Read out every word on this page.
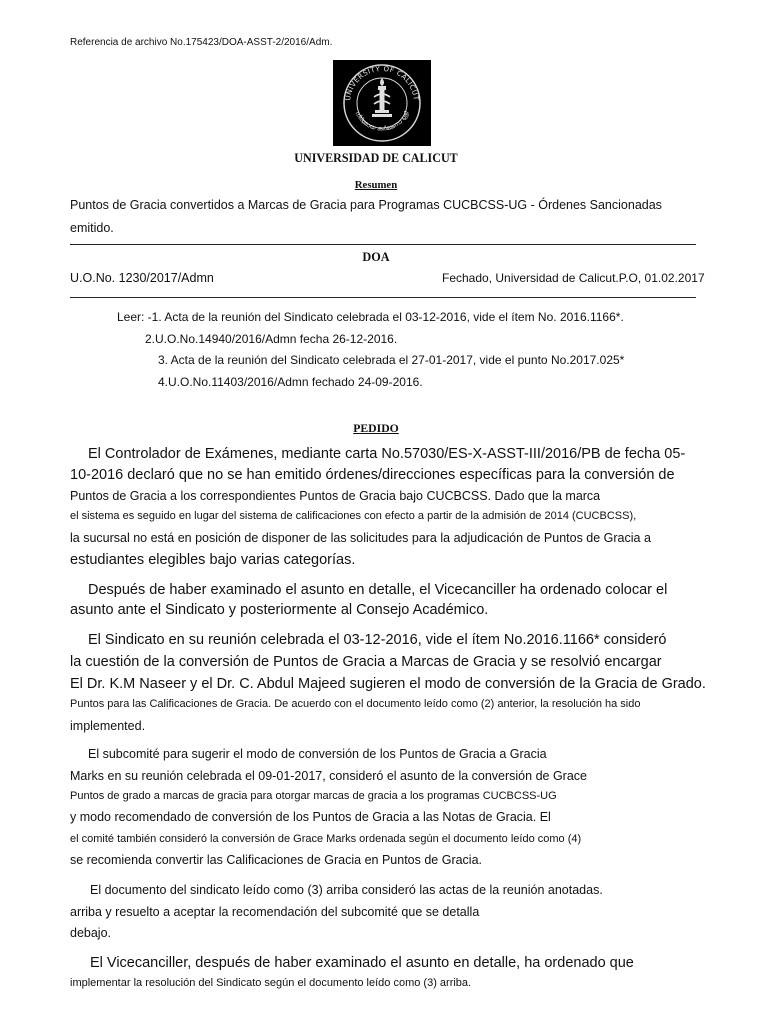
Referencia de archivo No.175423/DOA-ASST-2/2016/Adm.
UNIVERSITY OF CALICUT
നിർമ്മായ കർമ്മണാ ശ്രീ
UNIVERSIDAD DE CALICUT
Resumen
Puntos de Gracia convertidos a Marcas de Gracia para Programas CUCBCSS-UG - Órdenes Sancionadas
emitido.
DOA
U.O.No. 1230/2017/Admn	Fechado, Universidad de Calicut.P.O, 01.02.2017
Leer: -1. Acta de la reunión del Sindicato celebrada el 03-12-2016, vide el ítem No. 2016.1166*.
2.U.O.No.14940/2016/Admn fecha 26-12-2016.
3. Acta de la reunión del Sindicato celebrada el 27-01-2017, vide el punto No.2017.025*
4.U.O.No.11403/2016/Admn fechado 24-09-2016.
PEDIDO
El Controlador de Exámenes, mediante carta No.57030/ES-X-ASST-III/2016/PB de fecha 05-
10-2016 declaró que no se han emitido órdenes/direcciones específicas para la conversión de
Puntos de Gracia a los correspondientes Puntos de Gracia bajo CUCBCSS. Dado que la marca
el sistema es seguido en lugar del sistema de calificaciones con efecto a partir de la admisión de 2014 (CUCBCSS),
la sucursal no está en posición de disponer de las solicitudes para la adjudicación de Puntos de Gracia a
estudiantes elegibles bajo varias categorías.
Después de haber examinado el asunto en detalle, el Vicecanciller ha ordenado colocar el
asunto ante el Sindicato y posteriormente al Consejo Académico.
El Sindicato en su reunión celebrada el 03-12-2016, vide el ítem No.2016.1166* consideró
la cuestión de la conversión de Puntos de Gracia a Marcas de Gracia y se resolvió encargar
El Dr. K.M Naseer y el Dr. C. Abdul Majeed sugieren el modo de conversión de la Gracia de Grado.
Puntos para las Calificaciones de Gracia. De acuerdo con el documento leído como (2) anterior, la resolución ha sido
implemented.
El subcomité para sugerir el modo de conversión de los Puntos de Gracia a Gracia
Marks en su reunión celebrada el 09-01-2017, consideró el asunto de la conversión de Grace
Puntos de grado a marcas de gracia para otorgar marcas de gracia a los programas CUCBCSS-UG
y modo recomendado de conversión de los Puntos de Gracia a las Notas de Gracia. El
el comité también consideró la conversión de Grace Marks ordenada según el documento leído como (4)
se recomienda convertir las Calificaciones de Gracia en Puntos de Gracia.
El documento del sindicato leído como (3) arriba consideró las actas de la reunión anotadas.
arriba y resuelto a aceptar la recomendación del subcomité que se detalla
debajo.
El Vicecanciller, después de haber examinado el asunto en detalle, ha ordenado que
implementar la resolución del Sindicato según el documento leído como (3) arriba.
